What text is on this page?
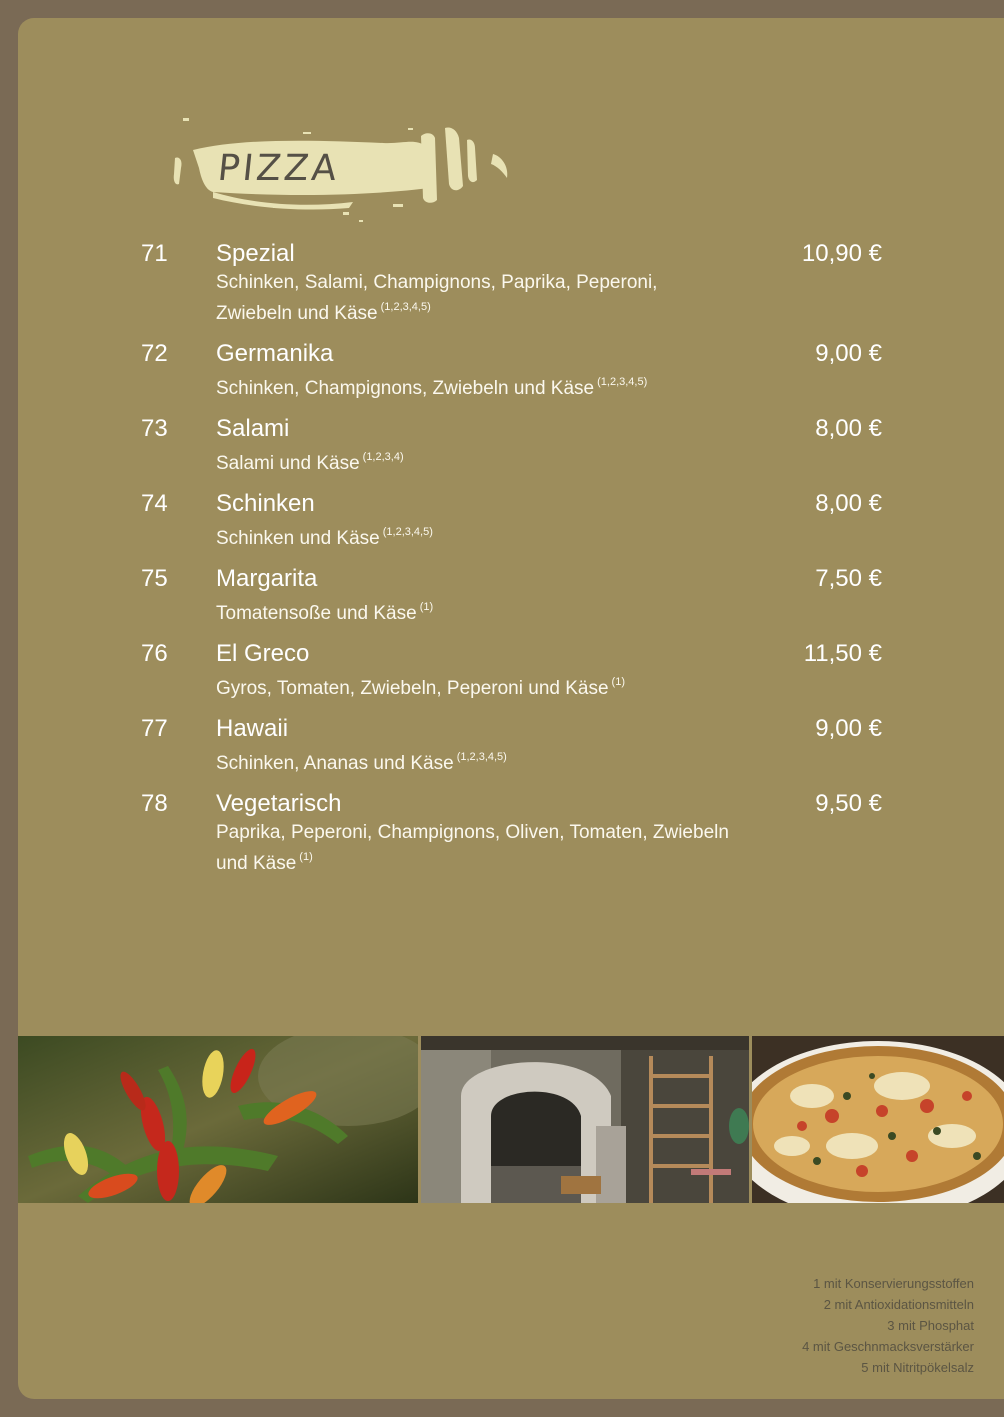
PIZZA
71 Spezial
Schinken, Salami, Champignons, Paprika, Peperoni, Zwiebeln und Käse $^{(1,2,3,4,5)}$
10,90 €
72 Germanika
Schinken, Champignons, Zwiebeln und Käse $^{(1,2,3,4,5)}$
9,00 €
73 Salami
Salami und Käse $^{(1,2,3,4)}$
8,00 €
74 Schinken
Schinken und Käse $^{(1,2,3,4,5)}$
8,00 €
75 Margarita
Tomatensoße und Käse $^{(1)}$
7,50 €
76 El Greco
Gyros, Tomaten, Zwiebeln, Peperoni und Käse $^{(1)}$
11,50 €
77 Hawaii
Schinken, Ananas und Käse $^{(1,2,3,4,5)}$
9,00 €
78 Vegetarisch
Paprika, Peperoni, Champignons, Oliven, Tomaten, Zwiebeln und Käse $^{(1)}$
9,50 €
1 mit Konservierungsstoffen
2 mit Antioxidationsmitteln
3 mit Phosphat
4 mit Geschnmacksverstärker
5 mit Nitritpökelsalz
